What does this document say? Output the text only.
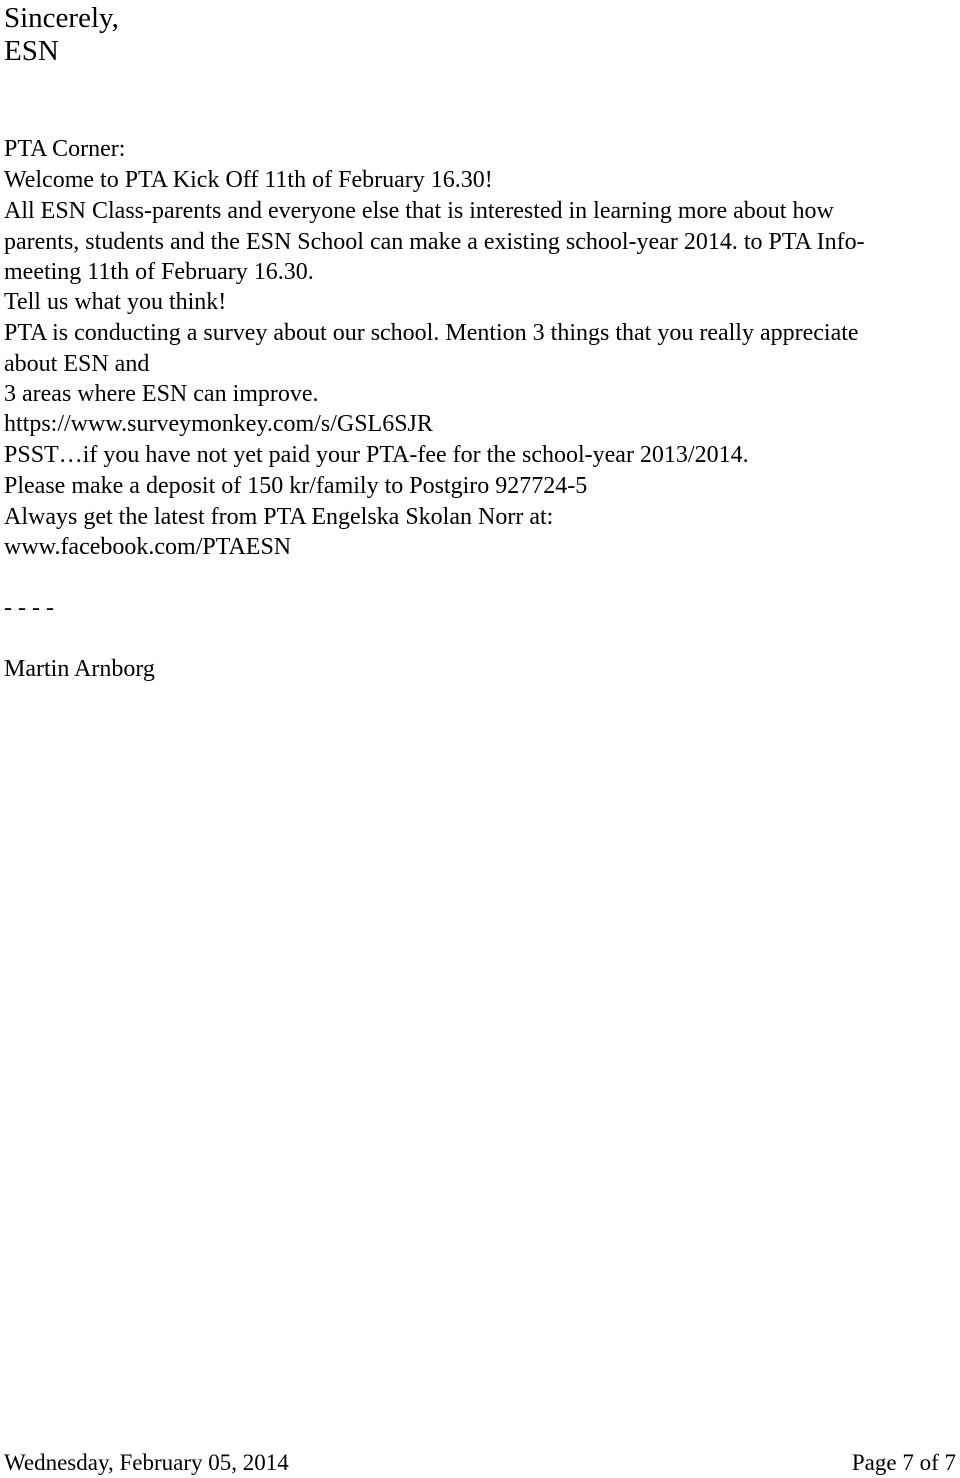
Sincerely,
ESN
PTA Corner:
Welcome to PTA Kick Off 11th of February 16.30!
All ESN Class-parents and everyone else that is interested in learning more about how
parents, students and the ESN School can make a existing school-year 2014. to PTA Info-
meeting 11th of February 16.30.
Tell us what you think!
PTA is conducting a survey about our school. Mention 3 things that you really appreciate
about ESN and
3 areas where ESN can improve.
https://www.surveymonkey.com/s/GSL6SJR
PSST…if you have not yet paid your PTA-fee for the school-year 2013/2014.
Please make a deposit of 150 kr/family to Postgiro 927724-5
Always get the latest from PTA Engelska Skolan Norr at:
www.facebook.com/PTAESN
- - - -
Martin Arnborg
Wednesday, February 05, 2014	Page 7 of 7
